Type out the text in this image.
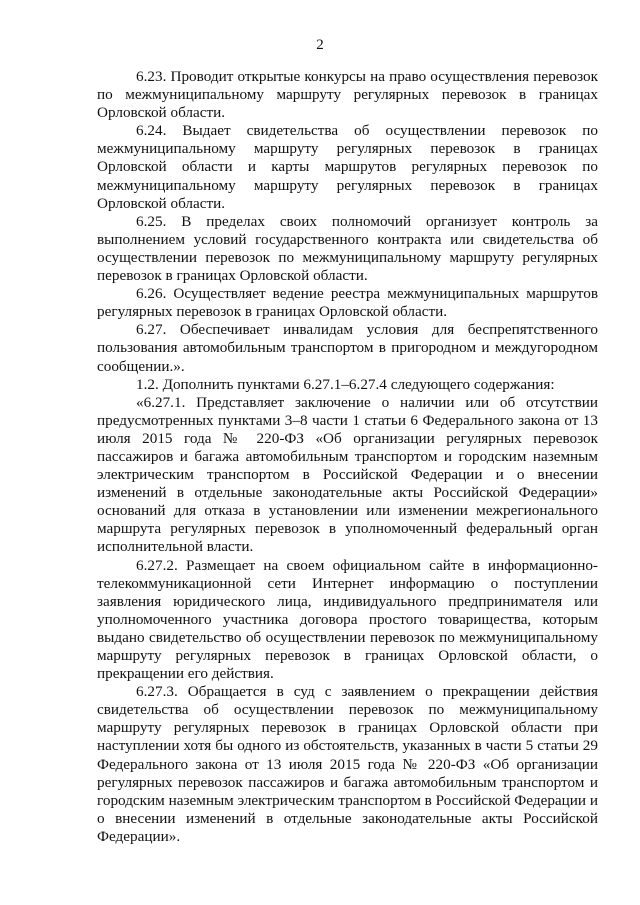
2

6.23. Проводит открытые конкурсы на право осуществления перевозок по межмуниципальному маршруту регулярных перевозок в границах Орловской области.

6.24. Выдает свидетельства об осуществлении перевозок по межмуниципальному маршруту регулярных перевозок в границах Орловской области и карты маршрутов регулярных перевозок по межмуниципальному маршруту регулярных перевозок в границах Орловской области.

6.25. В пределах своих полномочий организует контроль за выполнением условий государственного контракта или свидетельства об осуществлении перевозок по межмуниципальному маршруту регулярных перевозок в границах Орловской области.

6.26. Осуществляет ведение реестра межмуниципальных маршрутов регулярных перевозок в границах Орловской области.

6.27. Обеспечивает инвалидам условия для беспрепятственного пользования автомобильным транспортом в пригородном и междугородном сообщении.».

1.2. Дополнить пунктами 6.27.1–6.27.4 следующего содержания:

«6.27.1. Представляет заключение о наличии или об отсутствии предусмотренных пунктами 3–8 части 1 статьи 6 Федерального закона от 13 июля 2015 года № 220-ФЗ «Об организации регулярных перевозок пассажиров и багажа автомобильным транспортом и городским наземным электрическим транспортом в Российской Федерации и о внесении изменений в отдельные законодательные акты Российской Федерации» оснований для отказа в установлении или изменении межрегионального маршрута регулярных перевозок в уполномоченный федеральный орган исполнительной власти.

6.27.2. Размещает на своем официальном сайте в информационно-телекоммуникационной сети Интернет информацию о поступлении заявления юридического лица, индивидуального предпринимателя или уполномоченного участника договора простого товарищества, которым выдано свидетельство об осуществлении перевозок по межмуниципальному маршруту регулярных перевозок в границах Орловской области, о прекращении его действия.

6.27.3. Обращается в суд с заявлением о прекращении действия свидетельства об осуществлении перевозок по межмуниципальному маршруту регулярных перевозок в границах Орловской области при наступлении хотя бы одного из обстоятельств, указанных в части 5 статьи 29 Федерального закона от 13 июля 2015 года № 220-ФЗ «Об организации регулярных перевозок пассажиров и багажа автомобильным транспортом и городским наземным электрическим транспортом в Российской Федерации и о внесении изменений в отдельные законодательные акты Российской Федерации».
